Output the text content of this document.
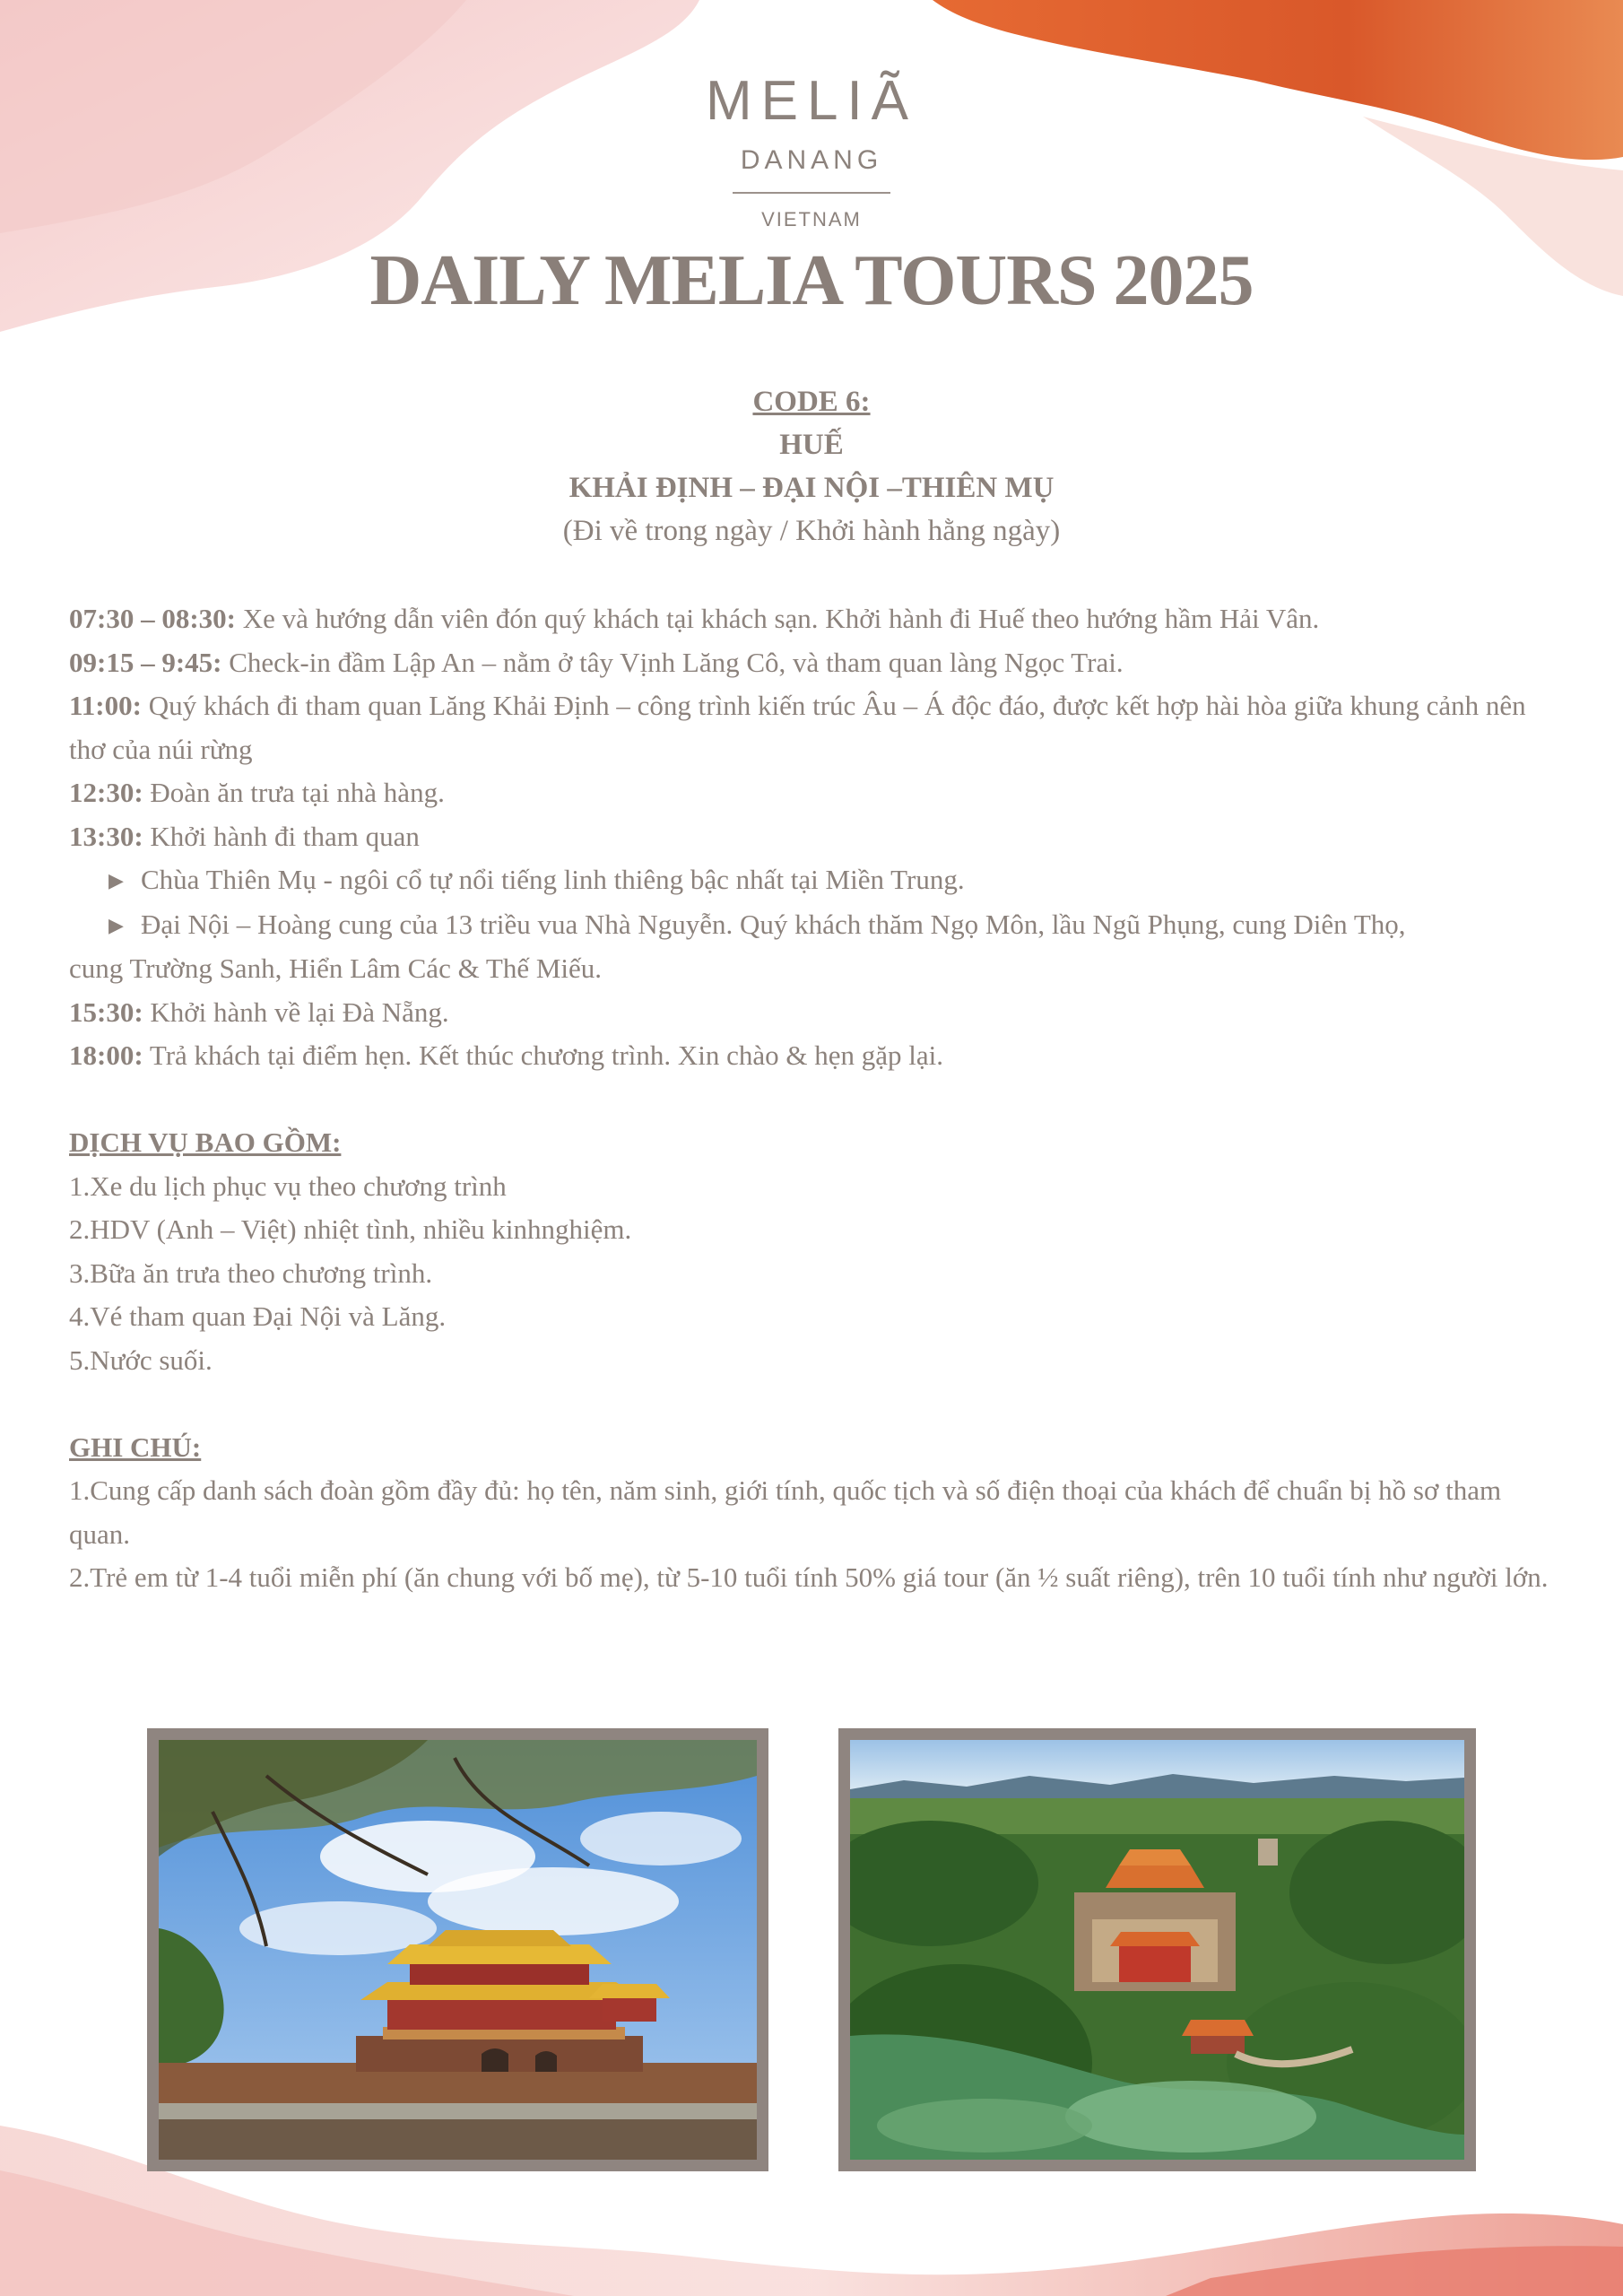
MELIÃ
DANANG
VIETNAM
DAILY MELIA TOURS 2025
CODE 6:
HUẾ
KHẢI ĐỊNH – ĐẠI NỘI –THIÊN MỤ
(Đi về trong ngày / Khởi hành hằng ngày)

07:30 – 08:30: Xe và hướng dẫn viên đón quý khách tại khách sạn. Khởi hành đi Huế theo hướng hầm Hải Vân.

09:15 – 9:45: Check-in đầm Lập An – nằm ở tây Vịnh Lăng Cô, và tham quan làng Ngọc Trai.

11:00: Quý khách đi tham quan Lăng Khải Định – công trình kiến trúc Âu – Á độc đáo, được kết hợp hài hòa giữa khung cảnh nên thơ của núi rừng

12:30: Đoàn ăn trưa tại nhà hàng.

13:30: Khởi hành đi tham quan

▶ Chùa Thiên Mụ - ngôi cổ tự nổi tiếng linh thiêng bậc nhất tại Miền Trung.

▶ Đại Nội – Hoàng cung của 13 triều vua Nhà Nguyễn. Quý khách thăm Ngọ Môn, lầu Ngũ Phụng, cung Diên Thọ,

cung Trường Sanh, Hiển Lâm Các & Thế Miếu.

15:30: Khởi hành về lại Đà Nẵng.

18:00: Trả khách tại điểm hẹn. Kết thúc chương trình. Xin chào & hẹn gặp lại.

DỊCH VỤ BAO GỒM:

1.Xe du lịch phục vụ theo chương trình

2.HDV (Anh – Việt) nhiệt tình, nhiều kinhnghiệm.

3.Bữa ăn trưa theo chương trình.

4.Vé tham quan Đại Nội và Lăng.

5.Nước suối.

GHI CHÚ:

1.Cung cấp danh sách đoàn gồm đầy đủ: họ tên, năm sinh, giới tính, quốc tịch và số điện thoại của khách để chuẩn bị hồ sơ tham quan.

2.Trẻ em từ 1-4 tuổi miễn phí (ăn chung với bố mẹ), từ 5-10 tuổi tính 50% giá tour (ăn ½ suất riêng), trên 10 tuổi tính như người lớn.
